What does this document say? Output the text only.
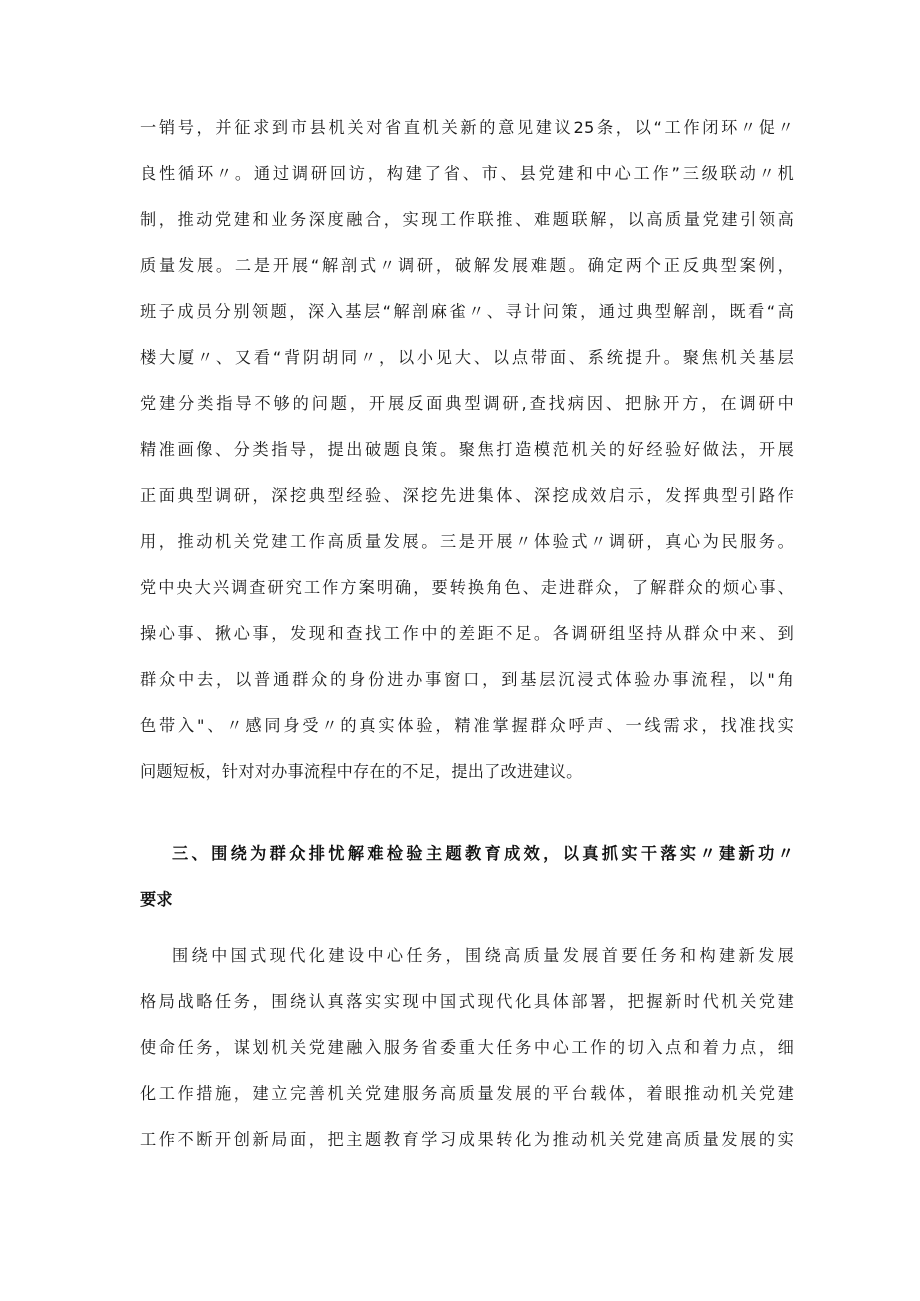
一销号，并征求到市县机关对省直机关新的意见建议25条，以“工作闭环〃促〃
良性循环〃。通过调研回访，构建了省、市、县党建和中心工作”三级联动〃机
制，推动党建和业务深度融合，实现工作联推、难题联解，以高质量党建引领高
质量发展。二是开展“解剖式〃调研，破解发展难题。确定两个正反典型案例，
班子成员分别领题，深入基层“解剖麻雀〃、寻计问策，通过典型解剖，既看“高
楼大厦〃、又看“背阴胡同〃，以小见大、以点带面、系统提升。聚焦机关基层
党建分类指导不够的问题，开展反面典型调研,查找病因、把脉开方，在调研中
精准画像、分类指导，提出破题良策。聚焦打造模范机关的好经验好做法，开展
正面典型调研，深挖典型经验、深挖先进集体、深挖成效启示，发挥典型引路作
用，推动机关党建工作高质量发展。三是开展〃体验式〃调研，真心为民服务。
党中央大兴调查研究工作方案明确，要转换角色、走进群众，了解群众的烦心事、
操心事、揪心事，发现和查找工作中的差距不足。各调研组坚持从群众中来、到
群众中去，以普通群众的身份进办事窗口，到基层沉浸式体验办事流程，以"角
色带入"、〃感同身受〃的真实体验，精准掌握群众呼声、一线需求，找准找实
问题短板，针对对办事流程中存在的不足，提出了改进建议。
三、围绕为群众排忧解难检验主题教育成效，以真抓实干落实〃建新功〃
要求
围绕中国式现代化建设中心任务，围绕高质量发展首要任务和构建新发展
格局战略任务，围绕认真落实实现中国式现代化具体部署，把握新时代机关党建
使命任务，谋划机关党建融入服务省委重大任务中心工作的切入点和着力点，细
化工作措施，建立完善机关党建服务高质量发展的平台载体，着眼推动机关党建
工作不断开创新局面，把主题教育学习成果转化为推动机关党建高质量发展的实
